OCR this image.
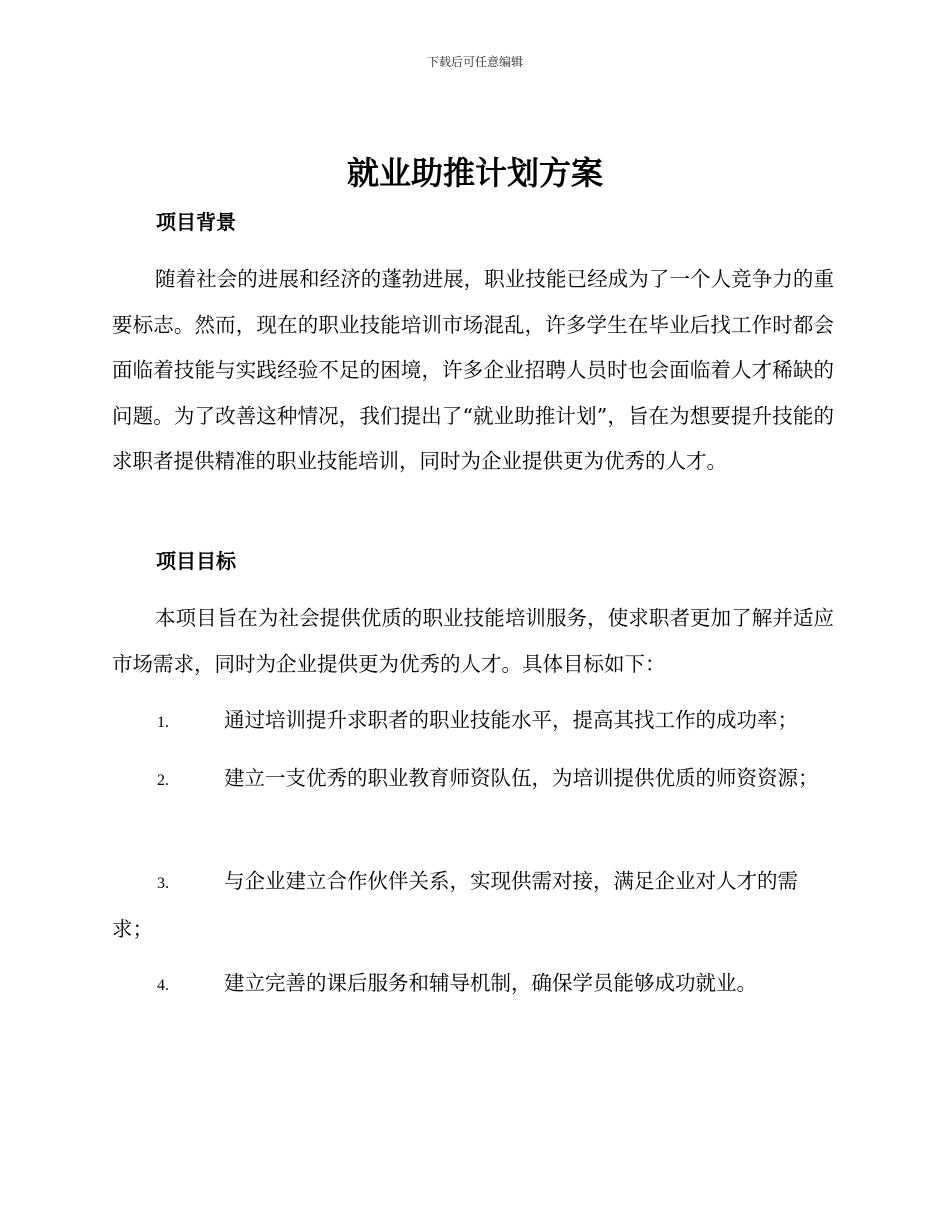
下载后可任意编辑
就业助推计划方案
项目背景

随着社会的进展和经济的蓬勃进展，职业技能已经成为了一个人竞争力的重要标志。然而，现在的职业技能培训市场混乱，许多学生在毕业后找工作时都会面临着技能与实践经验不足的困境，许多企业招聘人员时也会面临着人才稀缺的问题。为了改善这种情况，我们提出了“就业助推计划”，旨在为想要提升技能的求职者提供精准的职业技能培训，同时为企业提供更为优秀的人才。

项目目标

本项目旨在为社会提供优质的职业技能培训服务，使求职者更加了解并适应市场需求，同时为企业提供更为优秀的人才。具体目标如下：

1.	通过培训提升求职者的职业技能水平，提高其找工作的成功率；

2.	建立一支优秀的职业教育师资队伍，为培训提供优质的师资资源；

3.	与企业建立合作伙伴关系，实现供需对接，满足企业对人才的需求；

4.	建立完善的课后服务和辅导机制，确保学员能够成功就业。
